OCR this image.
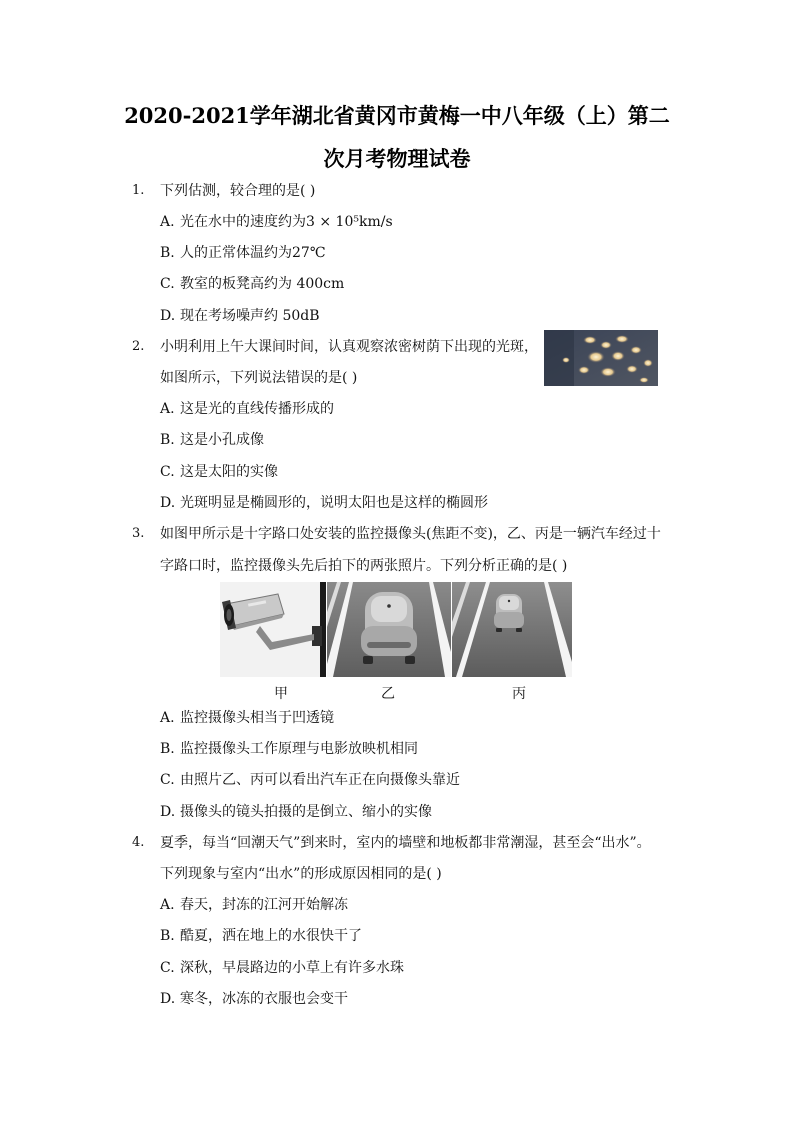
2020-2021学年湖北省黄冈市黄梅一中八年级（上）第二
次月考物理试卷
1.	下列估测，较合理的是( )
A. 光在水中的速度约为3 × 10⁵km/s
B. 人的正常体温约为27℃
C. 教室的板凳高约为 400cm
D. 现在考场噪声约 50dB
2.	小明利用上午大课间时间，认真观察浓密树荫下出现的光斑，
如图所示，下列说法错误的是( )
A. 这是光的直线传播形成的
B. 这是小孔成像
C. 这是太阳的实像
D. 光斑明显是椭圆形的，说明太阳也是这样的椭圆形
3.	如图甲所示是十字路口处安装的监控摄像头(焦距不变)，乙、丙是一辆汽车经过十
字路口时，监控摄像头先后拍下的两张照片。下列分析正确的是( )
甲	乙	丙
A. 监控摄像头相当于凹透镜
B. 监控摄像头工作原理与电影放映机相同
C. 由照片乙、丙可以看出汽车正在向摄像头靠近
D. 摄像头的镜头拍摄的是倒立、缩小的实像
4.	夏季，每当“回潮天气”到来时，室内的墙壁和地板都非常潮湿，甚至会“出水”。
下列现象与室内“出水”的形成原因相同的是( )
A. 春天，封冻的江河开始解冻
B. 酷夏，洒在地上的水很快干了
C. 深秋，早晨路边的小草上有许多水珠
D. 寒冬，冰冻的衣服也会变干
